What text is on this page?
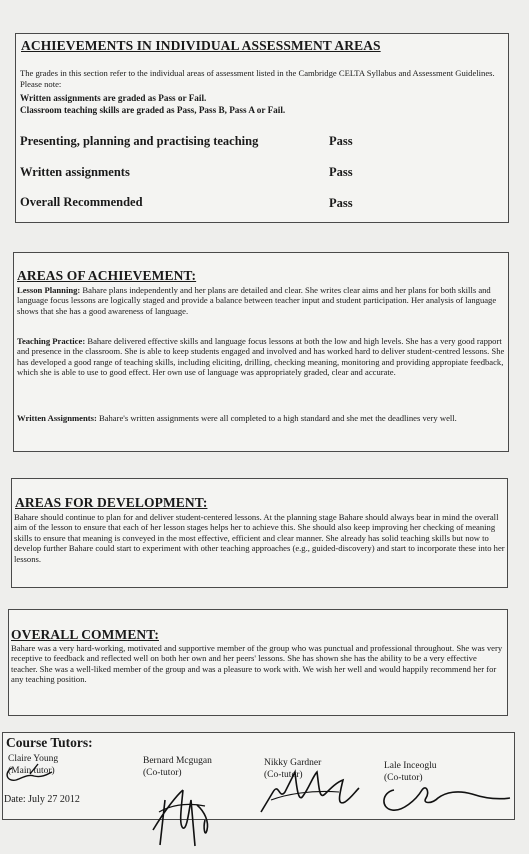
ACHIEVEMENTS IN INDIVIDUAL ASSESSMENT AREAS
The grades in this section refer to the individual areas of assessment listed in the Cambridge CELTA Syllabus and Assessment Guidelines. Please note:
Written assignments are graded as Pass or Fail.
Classroom teaching skills are graded as Pass, Pass B, Pass A or Fail.
Presenting, planning and practising teaching	Pass
Written assignments	Pass
Overall Recommended	Pass
AREAS OF ACHIEVEMENT:
Lesson Planning: Bahare plans independently and her plans are detailed and clear. She writes clear aims and her plans for both skills and language focus lessons are logically staged and provide a balance between teacher input and student participation. Her analysis of language shows that she has a good awareness of language.
Teaching Practice: Bahare delivered effective skills and language focus lessons at both the low and high levels. She has a very good rapport and presence in the classroom. She is able to keep students engaged and involved and has worked hard to deliver student-centred lessons. She has developed a good range of teaching skills, including eliciting, drilling, checking meaning, monitoring and providing appropiate feedback, which she is able to use to good effect. Her own use of language was appropriately graded, clear and accurate.
Written Assignments: Bahare's written assignments were all completed to a high standard and she met the deadlines very well.
AREAS FOR DEVELOPMENT:
Bahare should continue to plan for and deliver student-centered lessons. At the planning stage Bahare should always bear in mind the overall aim of the lesson to ensure that each of her lesson stages helps her to achieve this. She should also keep improving her checking of meaning skills to ensure that meaning is conveyed in the most effective, efficient and clear manner. She already has solid teaching skills but now to develop further Bahare could start to experiment with other teaching approaches (e.g., guided-discovery) and start to incorporate these into her lessons.
OVERALL COMMENT:
Bahare was a very hard-working, motivated and supportive member of the group who was punctual and professional throughout. She was very receptive to feedback and reflected well on both her own and her peers' lessons. She has shown she has the ability to be a very effective teacher. She was a well-liked member of the group and was a pleasure to work with. We wish her well and would happily recommend her for any teaching position.
Course Tutors:
Claire Young
(Main tutor)
Date: July 27 2012
Bernard Mcgugan
(Co-tutor)
Nikky Gardner
(Co-tutor)
Lale Inceoglu
(Co-tutor)
